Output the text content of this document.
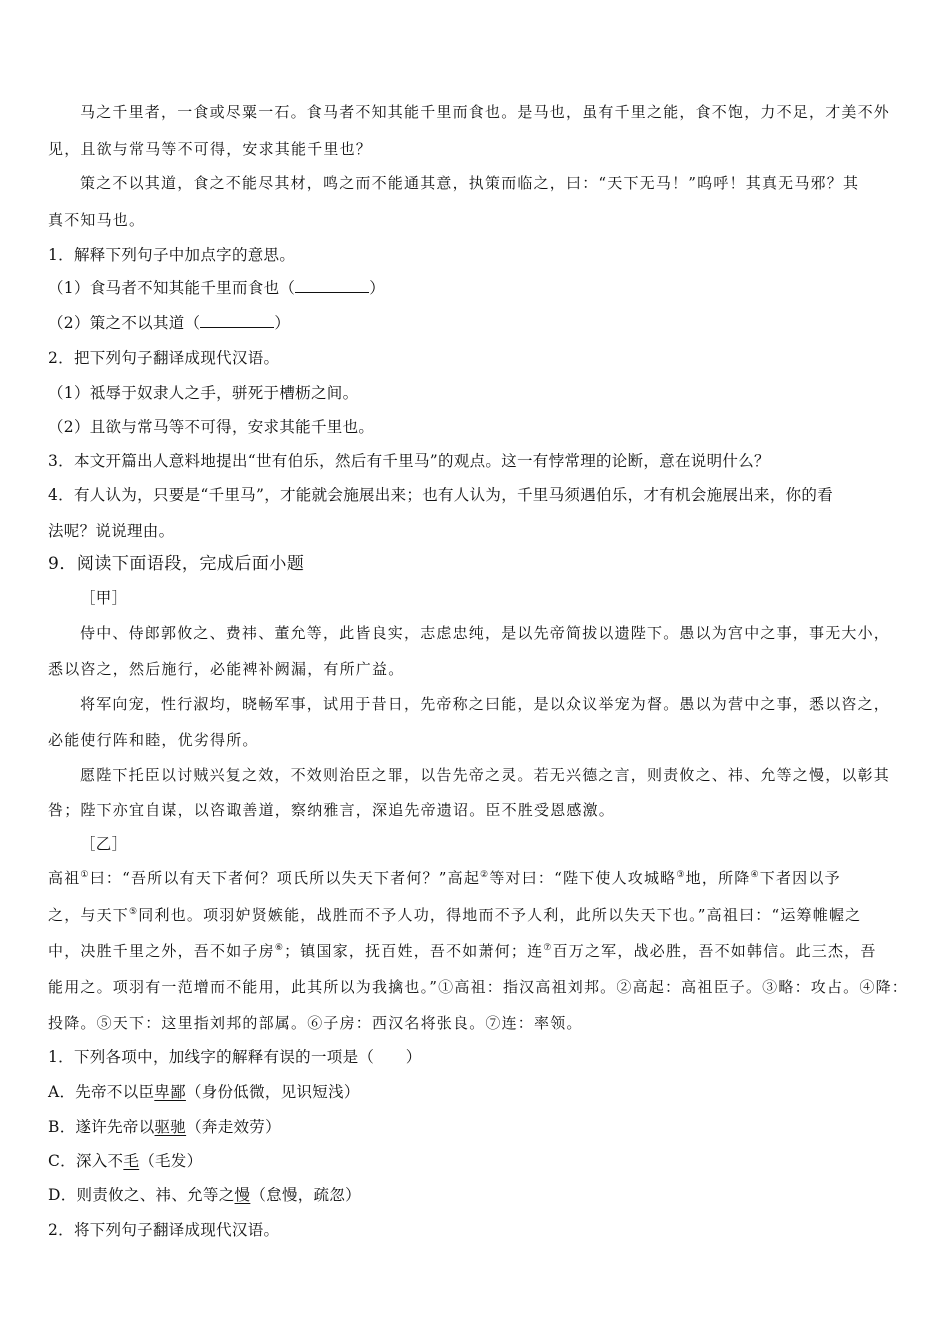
马之千里者，一食或尽粟一石。食马者不知其能千里而食也。是马也，虽有千里之能，食不饱，力不足，才美不外
见，且欲与常马等不可得，安求其能千里也？
策之不以其道，食之不能尽其材，鸣之而不能通其意，执策而临之，曰：“天下无马！”呜呼！其真无马邪？其
真不知马也。
1．解释下列句子中加点字的意思。
（1）食马者不知其能千里而食也（	）
（2）策之不以其道（	）
2．把下列句子翻译成现代汉语。
（1）祗辱于奴隶人之手，骈死于槽枥之间。
（2）且欲与常马等不可得，安求其能千里也。
3．本文开篇出人意料地提出“世有伯乐，然后有千里马”的观点。这一有悖常理的论断，意在说明什么？
4．有人认为，只要是“千里马”，才能就会施展出来；也有人认为，千里马须遇伯乐，才有机会施展出来，你的看
法呢？说说理由。
9．阅读下面语段，完成后面小题
［甲］
侍中、侍郎郭攸之、费祎、董允等，此皆良实，志虑忠纯，是以先帝简拔以遗陛下。愚以为宫中之事，事无大小，
悉以咨之，然后施行，必能裨补阙漏，有所广益。
将军向宠，性行淑均，晓畅军事，试用于昔日，先帝称之曰能，是以众议举宠为督。愚以为营中之事，悉以咨之，
必能使行阵和睦，优劣得所。
愿陛下托臣以讨贼兴复之效，不效则治臣之罪，以告先帝之灵。若无兴德之言，则责攸之、祎、允等之慢，以彰其
咎；陛下亦宜自谋，以咨诹善道，察纳雅言，深追先帝遗诏。臣不胜受恩感激。
［乙］
高祖①曰：“吾所以有天下者何？项氏所以失天下者何？”高起②等对曰：“陛下使人攻城略③地，所降④下者因以予
之，与天下⑤同利也。项羽妒贤嫉能，战胜而不予人功，得地而不予人利，此所以失天下也。”高祖曰：“运筹帷幄之
中，决胜千里之外，吾不如子房⑥；镇国家，抚百姓，吾不如萧何；连⑦百万之军，战必胜，吾不如韩信。此三杰，吾
能用之。项羽有一范增而不能用，此其所以为我擒也。”①高祖：指汉高祖刘邦。②高起：高祖臣子。③略：攻占。④降：
投降。⑤天下：这里指刘邦的部属。⑥子房：西汉名将张良。⑦连：率领。
1．下列各项中，加线字的解释有误的一项是（　　）
A．先帝不以臣卑鄙（身份低微，见识短浅）
B．遂许先帝以驱驰（奔走效劳）
C．深入不毛（毛发）
D．则责攸之、祎、允等之慢（怠慢，疏忽）
2．将下列句子翻译成现代汉语。
